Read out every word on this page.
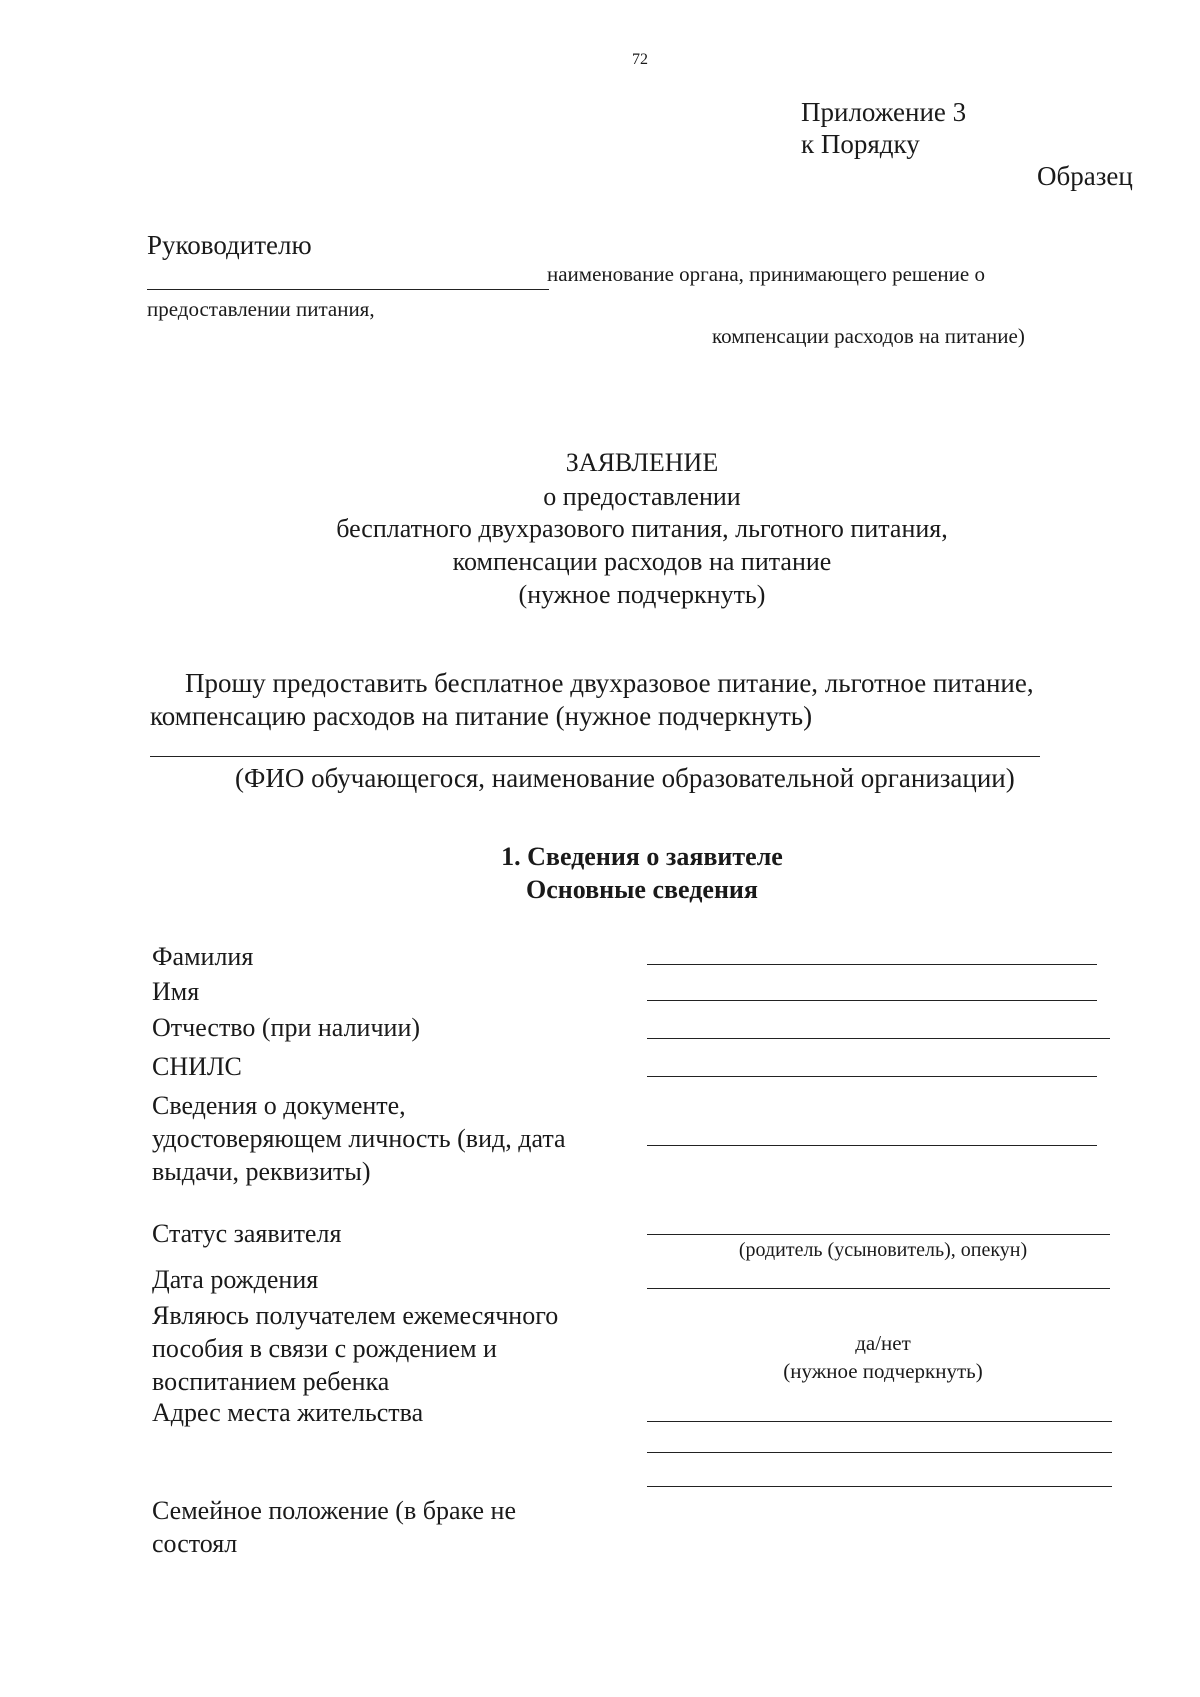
72
Приложение 3
к Порядку
Образец
Руководителю
наименование органа, принимающего решение о
предоставлении питания,
компенсации расходов на питание)
ЗАЯВЛЕНИЕ
о предоставлении
бесплатного двухразового питания, льготного питания,
компенсации расходов на питание
(нужное подчеркнуть)
Прошу предоставить бесплатное двухразовое питание, льготное питание,
компенсацию расходов на питание (нужное подчеркнуть)
(ФИО обучающегося, наименование образовательной организации)
1. Сведения о заявителе
Основные сведения
Фамилия
Имя
Отчество (при наличии)
СНИЛС
Сведения о документе,
удостоверяющем личность (вид, дата
выдачи, реквизиты)
Статус заявителя
(родитель (усыновитель), опекун)
Дата рождения
Являюсь получателем ежемесячного
пособия в связи с рождением и
воспитанием ребенка
да/нет
(нужное подчеркнуть)
Адрес места жительства
Семейное положение (в браке не
состоял
